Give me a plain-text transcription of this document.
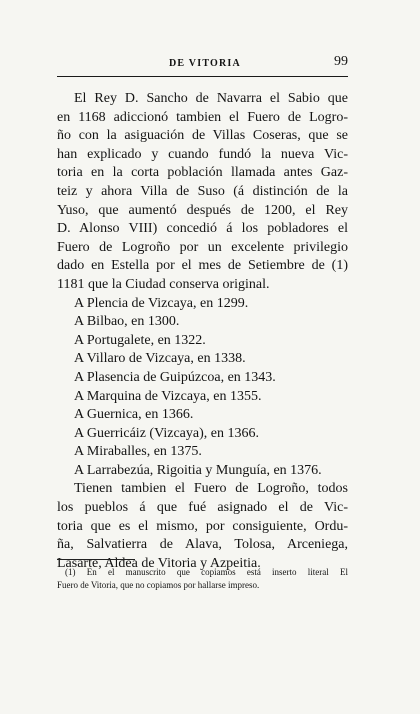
DE VITORIA	99
El Rey D. Sancho de Navarra el Sabio que
en 1168 adiccionó tambien el Fuero de Logro-
ño con la asiguación de Villas Coseras, que se
han explicado y cuando fundó la nueva Vic-
toria en la corta población llamada antes Gaz-
teiz y ahora Villa de Suso (á distinción de la
Yuso, que aumentó después de 1200, el Rey
D. Alonso VIII) concedió á los pobladores el
Fuero de Logroño por un excelente privilegio
dado en Estella por el mes de Setiembre de (1)
1181 que la Ciudad conserva original.
A Plencia de Vizcaya, en 1299.
A Bilbao, en 1300.
A Portugalete, en 1322.
A Villaro de Vizcaya, en 1338.
A Plasencia de Guipúzcoa, en 1343.
A Marquina de Vizcaya, en 1355.
A Guernica, en 1366.
A Guerricáiz (Vizcaya), en 1366.
A Miraballes, en 1375.
A Larrabezúa, Rigoitia y Munguía, en 1376.
Tienen tambien el Fuero de Logroño, todos
los pueblos á que fué asignado el de Vic-
toria que es el mismo, por consiguiente, Ordu-
ña, Salvatierra de Alava, Tolosa, Arceniega,
Lasarte, Aldea de Vitoria y Azpeitia.
(1) En el manuscrito que copiamos está inserto literal El
Fuero de Vitoria, que no copiamos por hallarse impreso.
